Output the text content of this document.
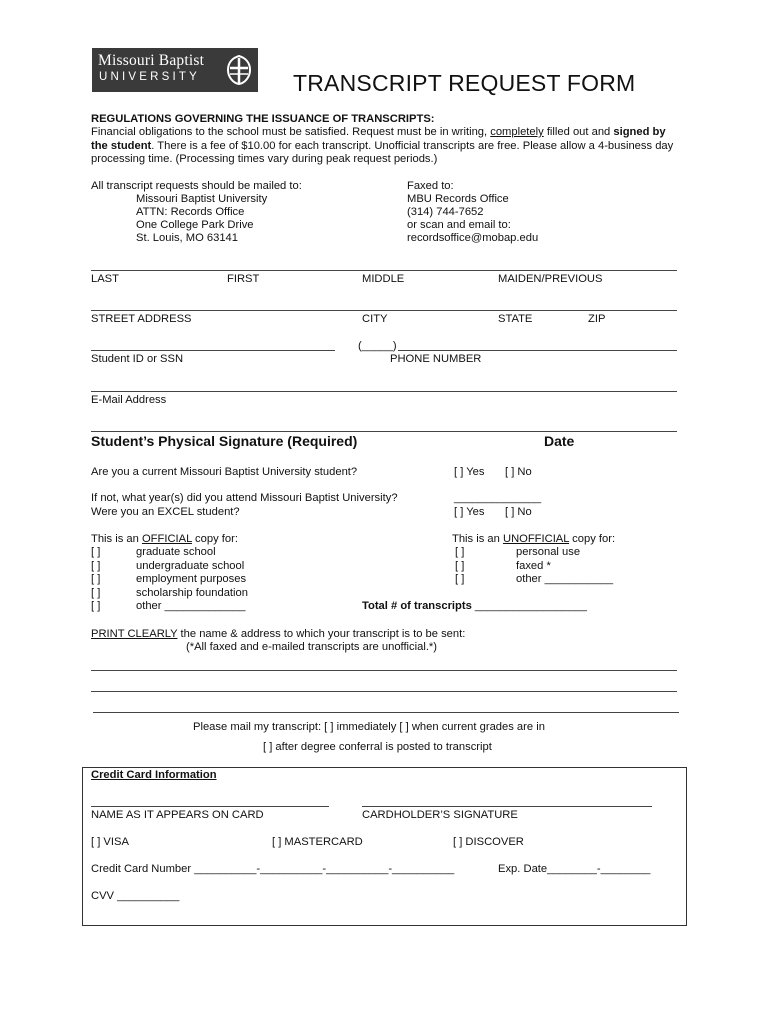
Missouri Baptist
UNIVERSITY	TRANSCRIPT REQUEST FORM
REGULATIONS GOVERNING THE ISSUANCE OF TRANSCRIPTS:
Financial obligations to the school must be satisfied. Request must be in writing, completely filled out and signed by the student. There is a fee of $10.00 for each transcript. Unofficial transcripts are free. Please allow a 4-business day processing time. (Processing times vary during peak request periods.)
All transcript requests should be mailed to:
Missouri Baptist University
ATTN: Records Office
One College Park Drive
St. Louis, MO 63141
Faxed to:
MBU Records Office
(314) 744-7652
or scan and email to:
recordsoffice@mobap.edu
LAST	FIRST	MIDDLE	MAIDEN/PREVIOUS
STREET ADDRESS	CITY	STATE	ZIP
Student ID or SSN
(_____)
PHONE NUMBER
E-Mail Address
Student’s Physical Signature (Required)	Date
Are you a current Missouri Baptist University student?	[ ] Yes [ ] No
If not, what year(s) did you attend Missouri Baptist University?	______________
Were you an EXCEL student?	[ ] Yes [ ] No
This is an OFFICIAL copy for:
[ ]	graduate school
[ ]	undergraduate school
[ ]	employment purposes
[ ]	scholarship foundation
[ ]	other _____________
This is an UNOFFICIAL copy for:
[ ]	personal use
[ ]	faxed *
[ ]	other ___________
Total # of transcripts __________________
PRINT CLEARLY the name & address to which your transcript is to be sent:
(*All faxed and e-mailed transcripts are unofficial.*)
Please mail my transcript: [ ] immediately [ ] when current grades are in
[ ] after degree conferral is posted to transcript
Credit Card Information
NAME AS IT APPEARS ON CARD	CARDHOLDER’S SIGNATURE
[ ] VISA	[ ] MASTERCARD	[ ] DISCOVER
Credit Card Number __________-__________-__________-__________	Exp. Date________-________
CVV __________
